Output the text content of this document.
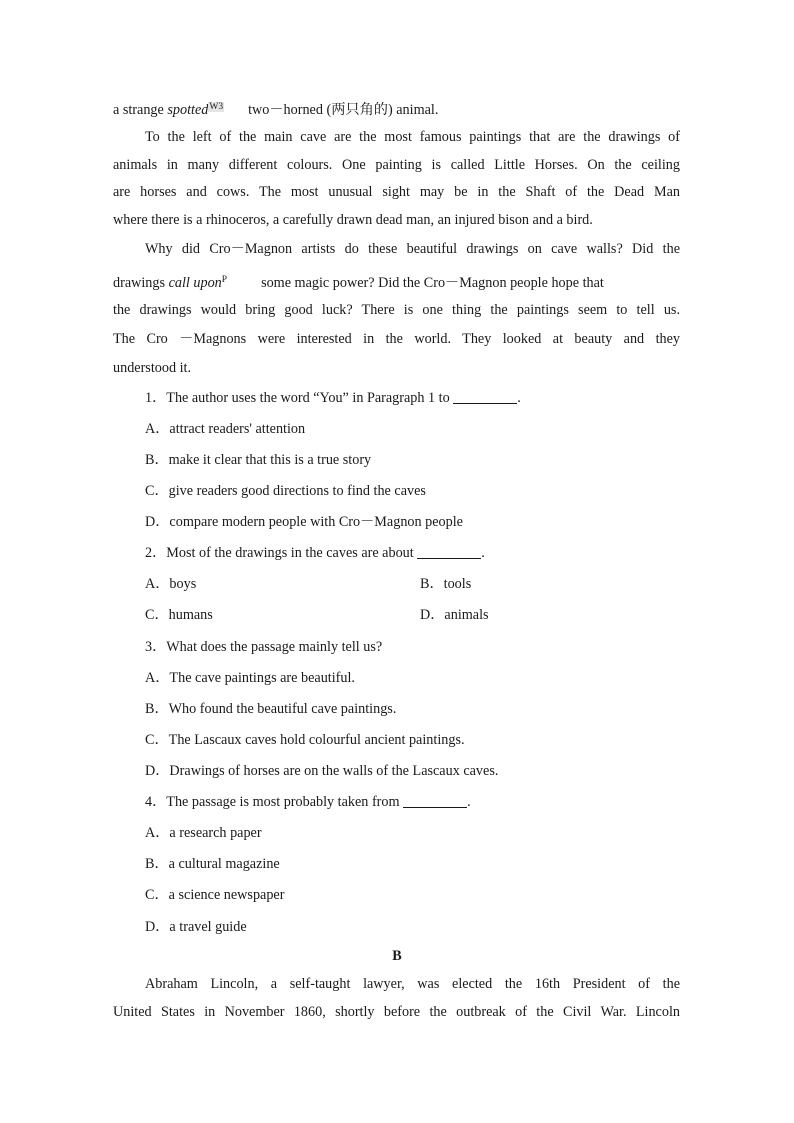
a strange spotted$^{W3}$ two－horned (两只角的) animal.
To the left of the main cave are the most famous paintings that are the drawings of
animals in many different colours. One painting is called Little Horses. On the ceiling
are horses and cows. The most unusual sight may be in the Shaft of the Dead Man
where there is a rhinoceros, a carefully drawn dead man, an injured bison and a bird.
Why did Cro－Magnon artists do these beautiful drawings on cave walls? Did the
drawings call upon$^P$ some magic power? Did the Cro－Magnon people hope that
the drawings would bring good luck? There is one thing the paintings seem to tell us.
The Cro －Magnons were interested in the world. They looked at beauty and they
understood it.
1．The author uses the word “You” in Paragraph 1 to	.
A．attract readers' attention
B．make it clear that this is a true story
C．give readers good directions to find the caves
D．compare modern people with Cro－Magnon people
2．Most of the drawings in the caves are about	.
A．boys	B．tools
C．humans	D．animals
3．What does the passage mainly tell us?
A．The cave paintings are beautiful.
B．Who found the beautiful cave paintings.
C．The Lascaux caves hold colourful ancient paintings.
D．Drawings of horses are on the walls of the Lascaux caves.
4．The passage is most probably taken from	.
A．a research paper
B．a cultural magazine
C．a science newspaper
D．a travel guide
B
Abraham Lincoln, a self-taught lawyer, was elected the 16th President of the
United States in November 1860, shortly before the outbreak of the Civil War. Lincoln
